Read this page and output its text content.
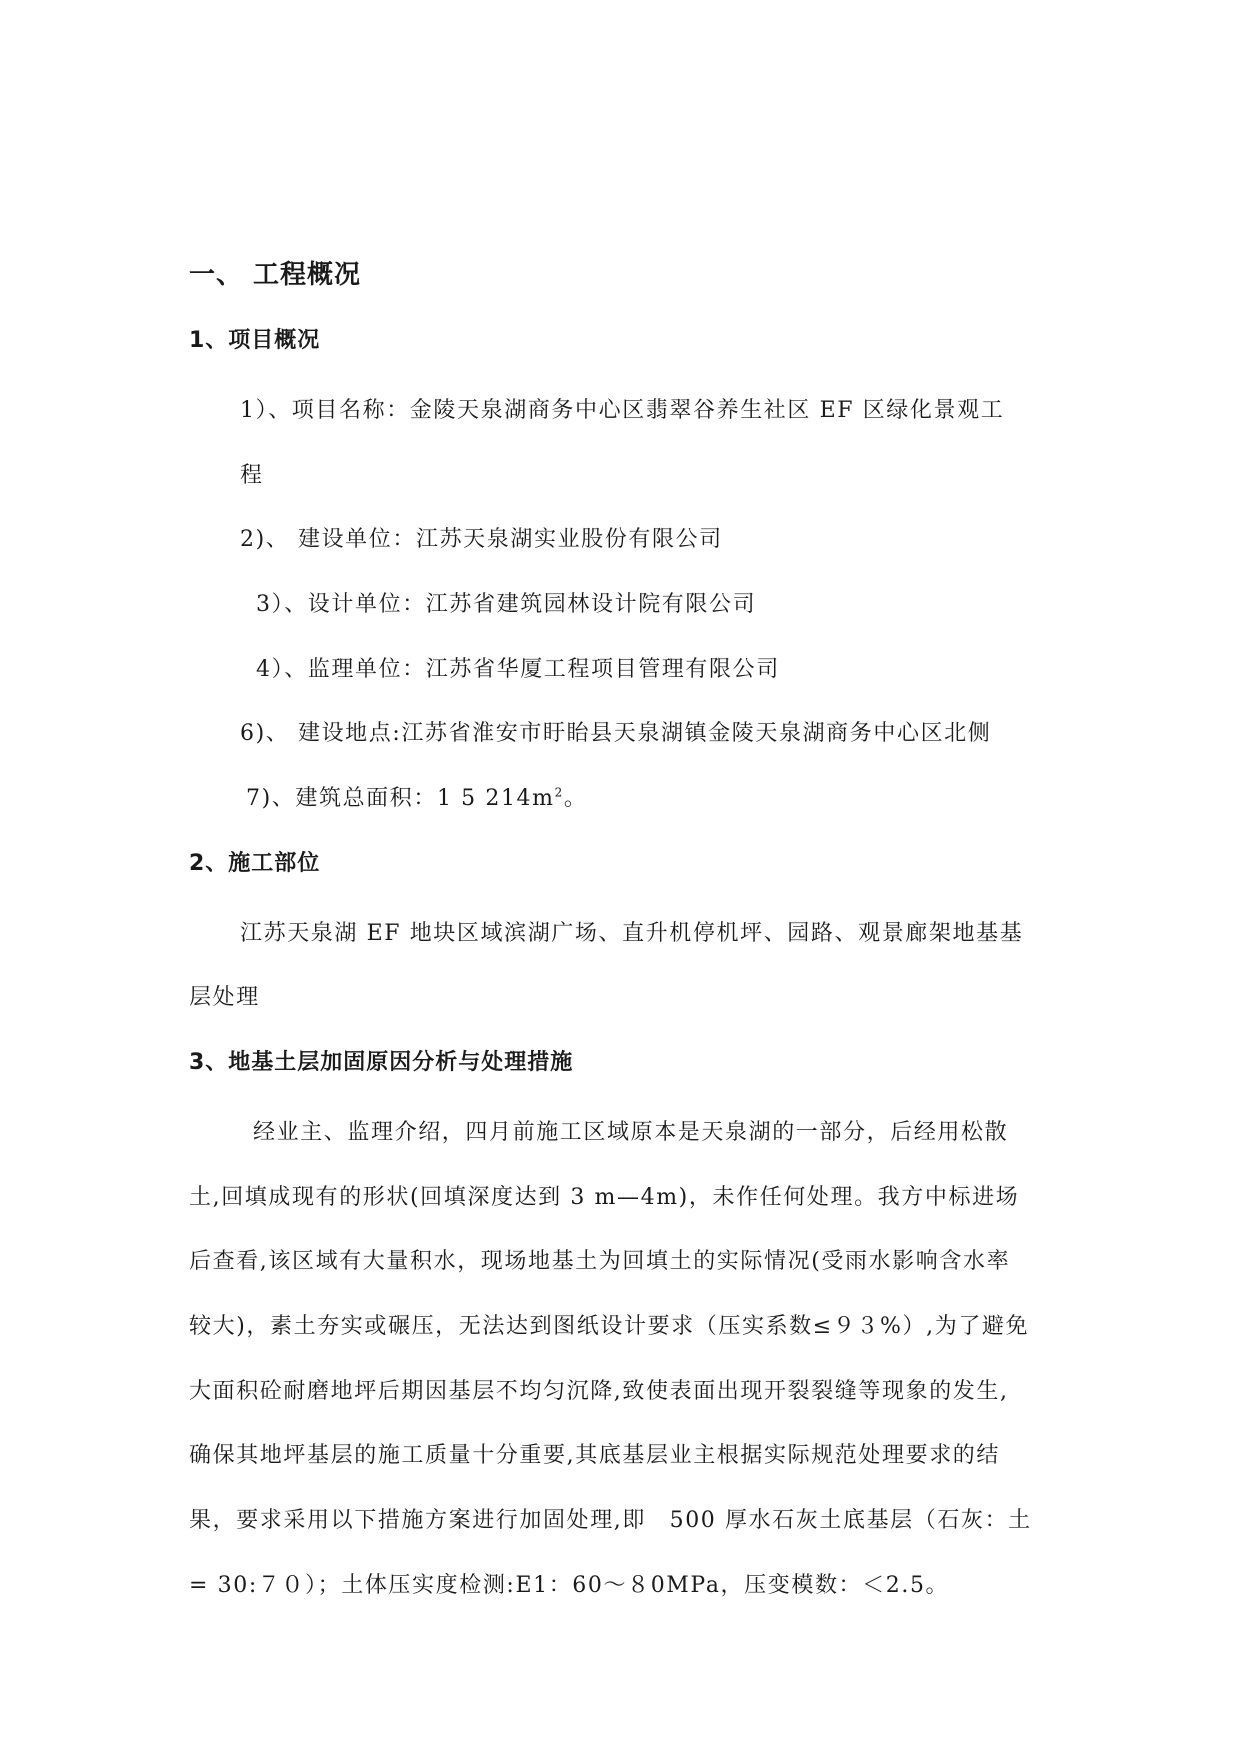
一、 工程概况
1、项目概况
1）、项目名称：金陵天泉湖商务中心区翡翠谷养生社区 EF 区绿化景观工
程
2)、 建设单位：江苏天泉湖实业股份有限公司
3）、设计单位：江苏省建筑园林设计院有限公司
4）、监理单位：江苏省华厦工程项目管理有限公司
6)、 建设地点:江苏省淮安市盱眙县天泉湖镇金陵天泉湖商务中心区北侧
7)、建筑总面积：1 5 $214m^2$。
2、施工部位
江苏天泉湖 EF 地块区域滨湖广场、直升机停机坪、园路、观景廊架地基基
层处理
3、地基土层加固原因分析与处理措施
经业主、监理介绍，四月前施工区域原本是天泉湖的一部分，后经用松散
土,回填成现有的形状(回填深度达到 3 m—4m)，未作任何处理。我方中标进场
后查看,该区域有大量积水，现场地基土为回填土的实际情况(受雨水影响含水率
较大)，素土夯实或碾压，无法达到图纸设计要求（压实系数≤９３%）,为了避免
大面积砼耐磨地坪后期因基层不均匀沉降,致使表面出现开裂裂缝等现象的发生,
确保其地坪基层的施工质量十分重要,其底基层业主根据实际规范处理要求的结
果，要求采用以下措施方案进行加固处理,即　500 厚水石灰土底基层（石灰：土
= 30:７０）；土体压实度检测:E1：60～８0MPa，压变模数：＜2.5。
